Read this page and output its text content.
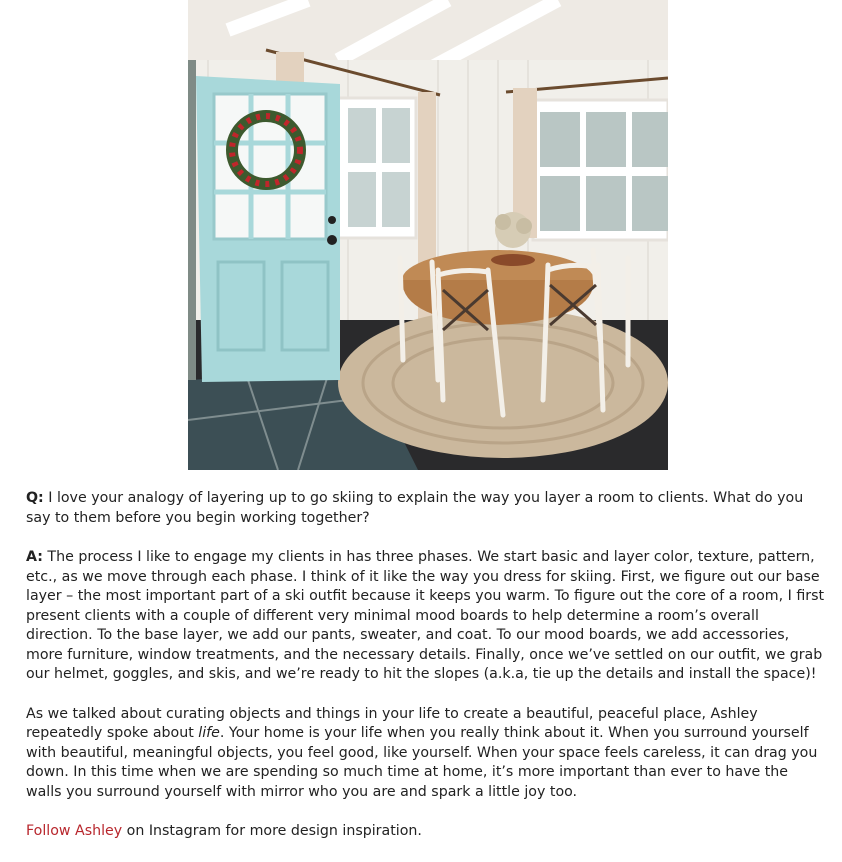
Q: I love your analogy of layering up to go skiing to explain the way you layer a room to clients. What do you say to them before you begin working together?

A: The process I like to engage my clients in has three phases. We start basic and layer color, texture, pattern, etc., as we move through each phase. I think of it like the way you dress for skiing. First, we figure out our base layer – the most important part of a ski outfit because it keeps you warm. To figure out the core of a room, I first present clients with a couple of different very minimal mood boards to help determine a room’s overall direction. To the base layer, we add our pants, sweater, and coat. To our mood boards, we add accessories, more furniture, window treatments, and the necessary details. Finally, once we’ve settled on our outfit, we grab our helmet, goggles, and skis, and we’re ready to hit the slopes (a.k.a, tie up the details and install the space)!

As we talked about curating objects and things in your life to create a beautiful, peaceful place, Ashley repeatedly spoke about life. Your home is your life when you really think about it. When you surround yourself with beautiful, meaningful objects, you feel good, like yourself. When your space feels careless, it can drag you down. In this time when we are spending so much time at home, it’s more important than ever to have the walls you surround yourself with mirror who you are and spark a little joy too.

Follow Ashley on Instagram for more design inspiration.
